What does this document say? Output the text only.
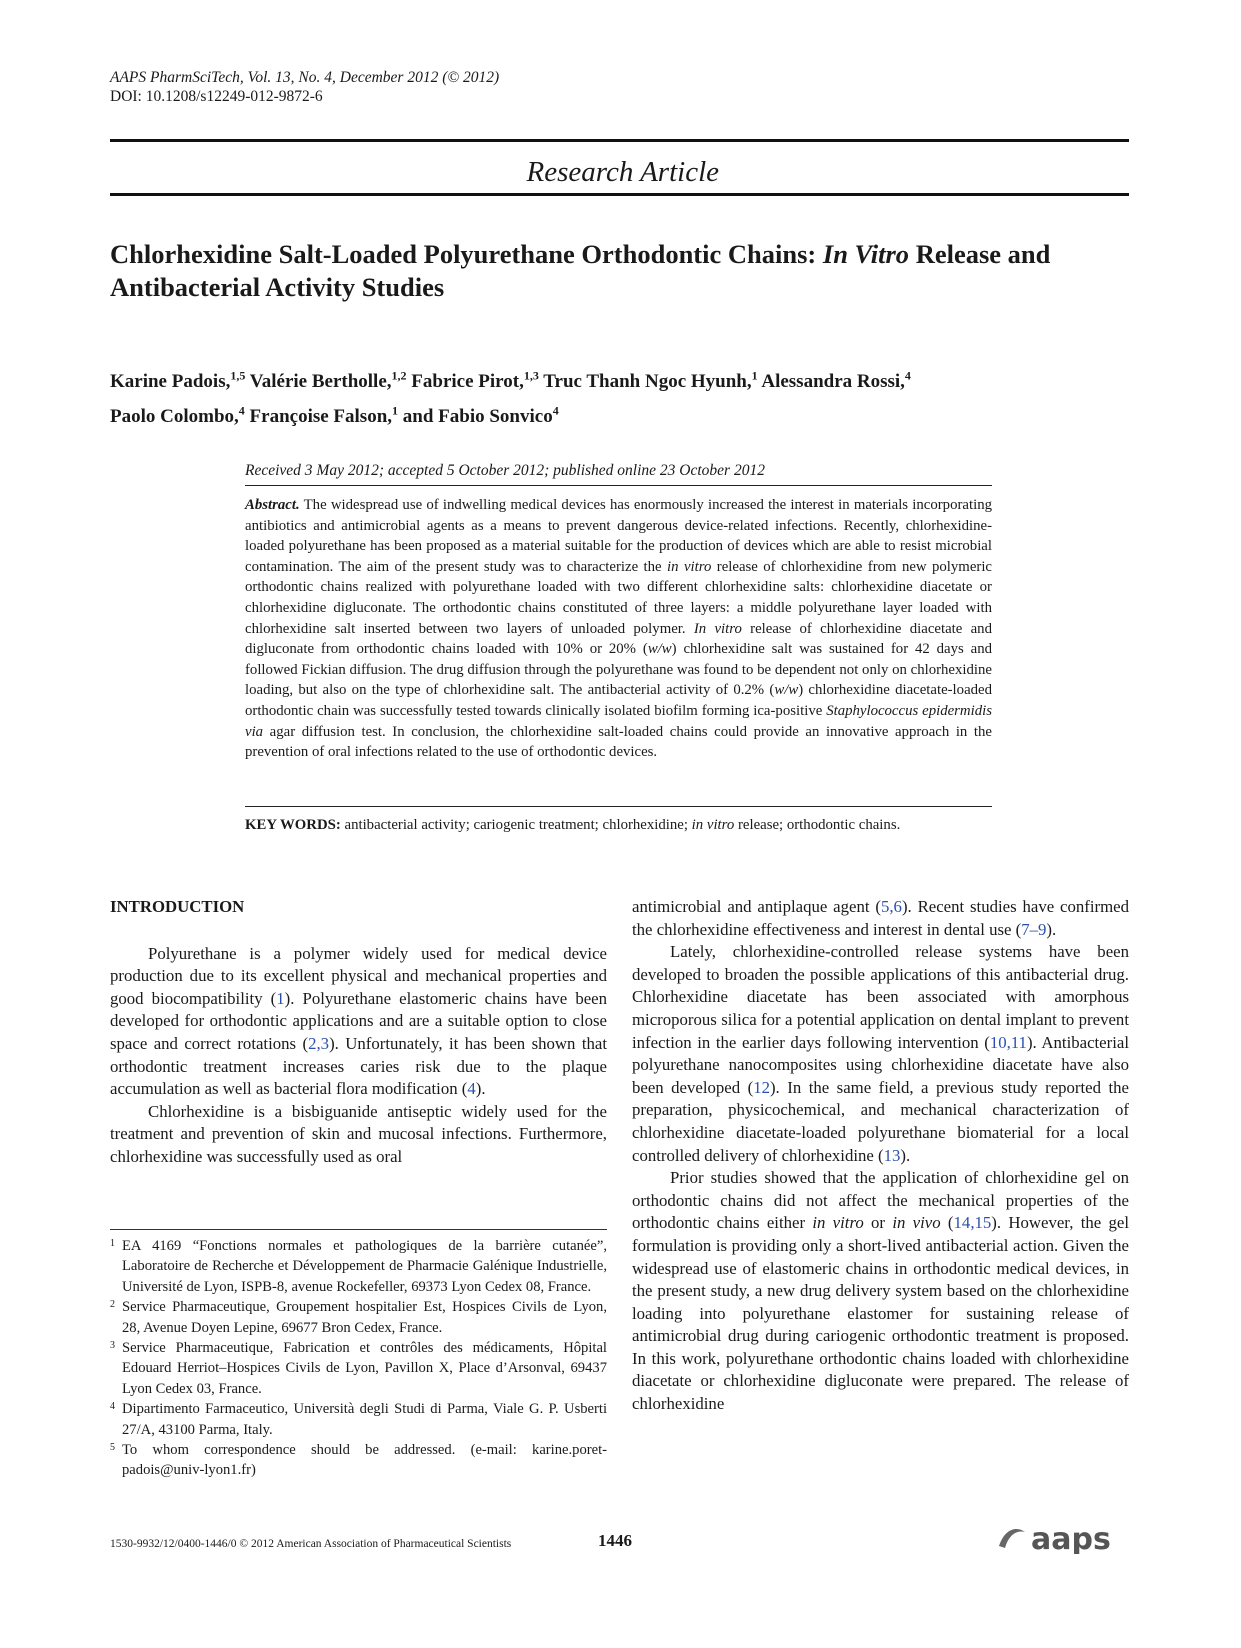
AAPS PharmSciTech, Vol. 13, No. 4, December 2012 (© 2012)
DOI: 10.1208/s12249-012-9872-6
Research Article
Chlorhexidine Salt-Loaded Polyurethane Orthodontic Chains: In Vitro Release and Antibacterial Activity Studies
Karine Padois,$^{1,5}$ Valérie Bertholle,$^{1,2}$ Fabrice Pirot,$^{1,3}$ Truc Thanh Ngoc Hyunh,$^1$ Alessandra Rossi,$^4$
Paolo Colombo,$^4$ Françoise Falson,$^1$ and Fabio Sonvico$^4$
Received 3 May 2012; accepted 5 October 2012; published online 23 October 2012
Abstract. The widespread use of indwelling medical devices has enormously increased the interest in materials incorporating antibiotics and antimicrobial agents as a means to prevent dangerous device-related infections. Recently, chlorhexidine-loaded polyurethane has been proposed as a material suitable for the production of devices which are able to resist microbial contamination. The aim of the present study was to characterize the in vitro release of chlorhexidine from new polymeric orthodontic chains realized with polyurethane loaded with two different chlorhexidine salts: chlorhexidine diacetate or chlorhexidine digluconate. The orthodontic chains constituted of three layers: a middle polyurethane layer loaded with chlorhexidine salt inserted between two layers of unloaded polymer. In vitro release of chlorhexidine diacetate and digluconate from orthodontic chains loaded with 10% or 20% (w/w) chlorhexidine salt was sustained for 42 days and followed Fickian diffusion. The drug diffusion through the polyurethane was found to be dependent not only on chlorhexidine loading, but also on the type of chlorhexidine salt. The antibacterial activity of 0.2% (w/w) chlorhexidine diacetate-loaded orthodontic chain was successfully tested towards clinically isolated biofilm forming ica-positive Staphylococcus epidermidis via agar diffusion test. In conclusion, the chlorhexidine salt-loaded chains could provide an innovative approach in the prevention of oral infections related to the use of orthodontic devices.
KEY WORDS: antibacterial activity; cariogenic treatment; chlorhexidine; in vitro release; orthodontic chains.
INTRODUCTION

Polyurethane is a polymer widely used for medical device production due to its excellent physical and mechanical properties and good biocompatibility (1). Polyurethane elastomeric chains have been developed for orthodontic applications and are a suitable option to close space and correct rotations (2,3). Unfortunately, it has been shown that orthodontic treatment increases caries risk due to the plaque accumulation as well as bacterial flora modification (4).

Chlorhexidine is a bisbiguanide antiseptic widely used for the treatment and prevention of skin and mucosal infections. Furthermore, chlorhexidine was successfully used as oral

1 EA 4169 “Fonctions normales et pathologiques de la barrière cutanée”, Laboratoire de Recherche et Développement de Pharmacie Galénique Industrielle, Université de Lyon, ISPB-8, avenue Rockefeller, 69373 Lyon Cedex 08, France.
2 Service Pharmaceutique, Groupement hospitalier Est, Hospices Civils de Lyon, 28, Avenue Doyen Lepine, 69677 Bron Cedex, France.
3 Service Pharmaceutique, Fabrication et contrôles des médicaments, Hôpital Edouard Herriot–Hospices Civils de Lyon, Pavillon X, Place d’Arsonval, 69437 Lyon Cedex 03, France.
4 Dipartimento Farmaceutico, Università degli Studi di Parma, Viale G. P. Usberti 27/A, 43100 Parma, Italy.
5 To whom correspondence should be addressed. (e-mail: karine.poret-padois@univ-lyon1.fr)

antimicrobial and antiplaque agent (5,6). Recent studies have confirmed the chlorhexidine effectiveness and interest in dental use (7–9).

Lately, chlorhexidine-controlled release systems have been developed to broaden the possible applications of this antibacterial drug. Chlorhexidine diacetate has been associated with amorphous microporous silica for a potential application on dental implant to prevent infection in the earlier days following intervention (10,11). Antibacterial polyurethane nanocomposites using chlorhexidine diacetate have also been developed (12). In the same field, a previous study reported the preparation, physicochemical, and mechanical characterization of chlorhexidine diacetate-loaded polyurethane biomaterial for a local controlled delivery of chlorhexidine (13).

Prior studies showed that the application of chlorhexidine gel on orthodontic chains did not affect the mechanical properties of the orthodontic chains either in vitro or in vivo (14,15). However, the gel formulation is providing only a short-lived antibacterial action. Given the widespread use of elastomeric chains in orthodontic medical devices, in the present study, a new drug delivery system based on the chlorhexidine loading into polyurethane elastomer for sustaining release of antimicrobial drug during cariogenic orthodontic treatment is proposed. In this work, polyurethane orthodontic chains loaded with chlorhexidine diacetate or chlorhexidine digluconate were prepared. The release of chlorhexidine

1530-9932/12/0400-1446/0 © 2012 American Association of Pharmaceutical Scientists	1446	aaps
